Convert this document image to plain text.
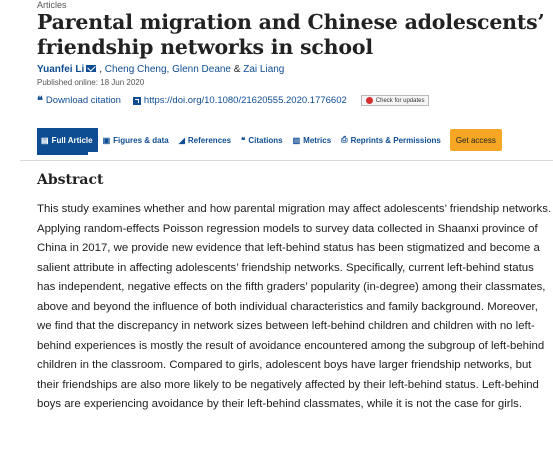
Articles
Parental migration and Chinese adolescents’ friendship networks in school
Yuanfei Li , Cheng Cheng, Glenn Deane & Zai Liang
Published online: 18 Jun 2020
❝ Download citation https://doi.org/10.1080/21620555.2020.1776602	Check for updates
▤ Full Article ▣ Figures & data ◢ References ❝ Citations ▥ Metrics ⎙ Reprints & Permissions Get access
Abstract

This study examines whether and how parental migration may affect adolescents’ friendship networks. Applying random-effects Poisson regression models to survey data collected in Shaanxi province of China in 2017, we provide new evidence that left-behind status has been stigmatized and become a salient attribute in affecting adolescents’ friendship networks. Specifically, current left-behind status has independent, negative effects on the fifth graders’ popularity (in-degree) among their classmates, above and beyond the influence of both individual characteristics and family background. Moreover, we find that the discrepancy in network sizes between left-behind children and children with no left-behind experiences is mostly the result of avoidance encountered among the subgroup of left-behind children in the classroom. Compared to girls, adolescent boys have larger friendship networks, but their friendships are also more likely to be negatively affected by their left-behind status. Left-behind boys are experiencing avoidance by their left-behind classmates, while it is not the case for girls.
